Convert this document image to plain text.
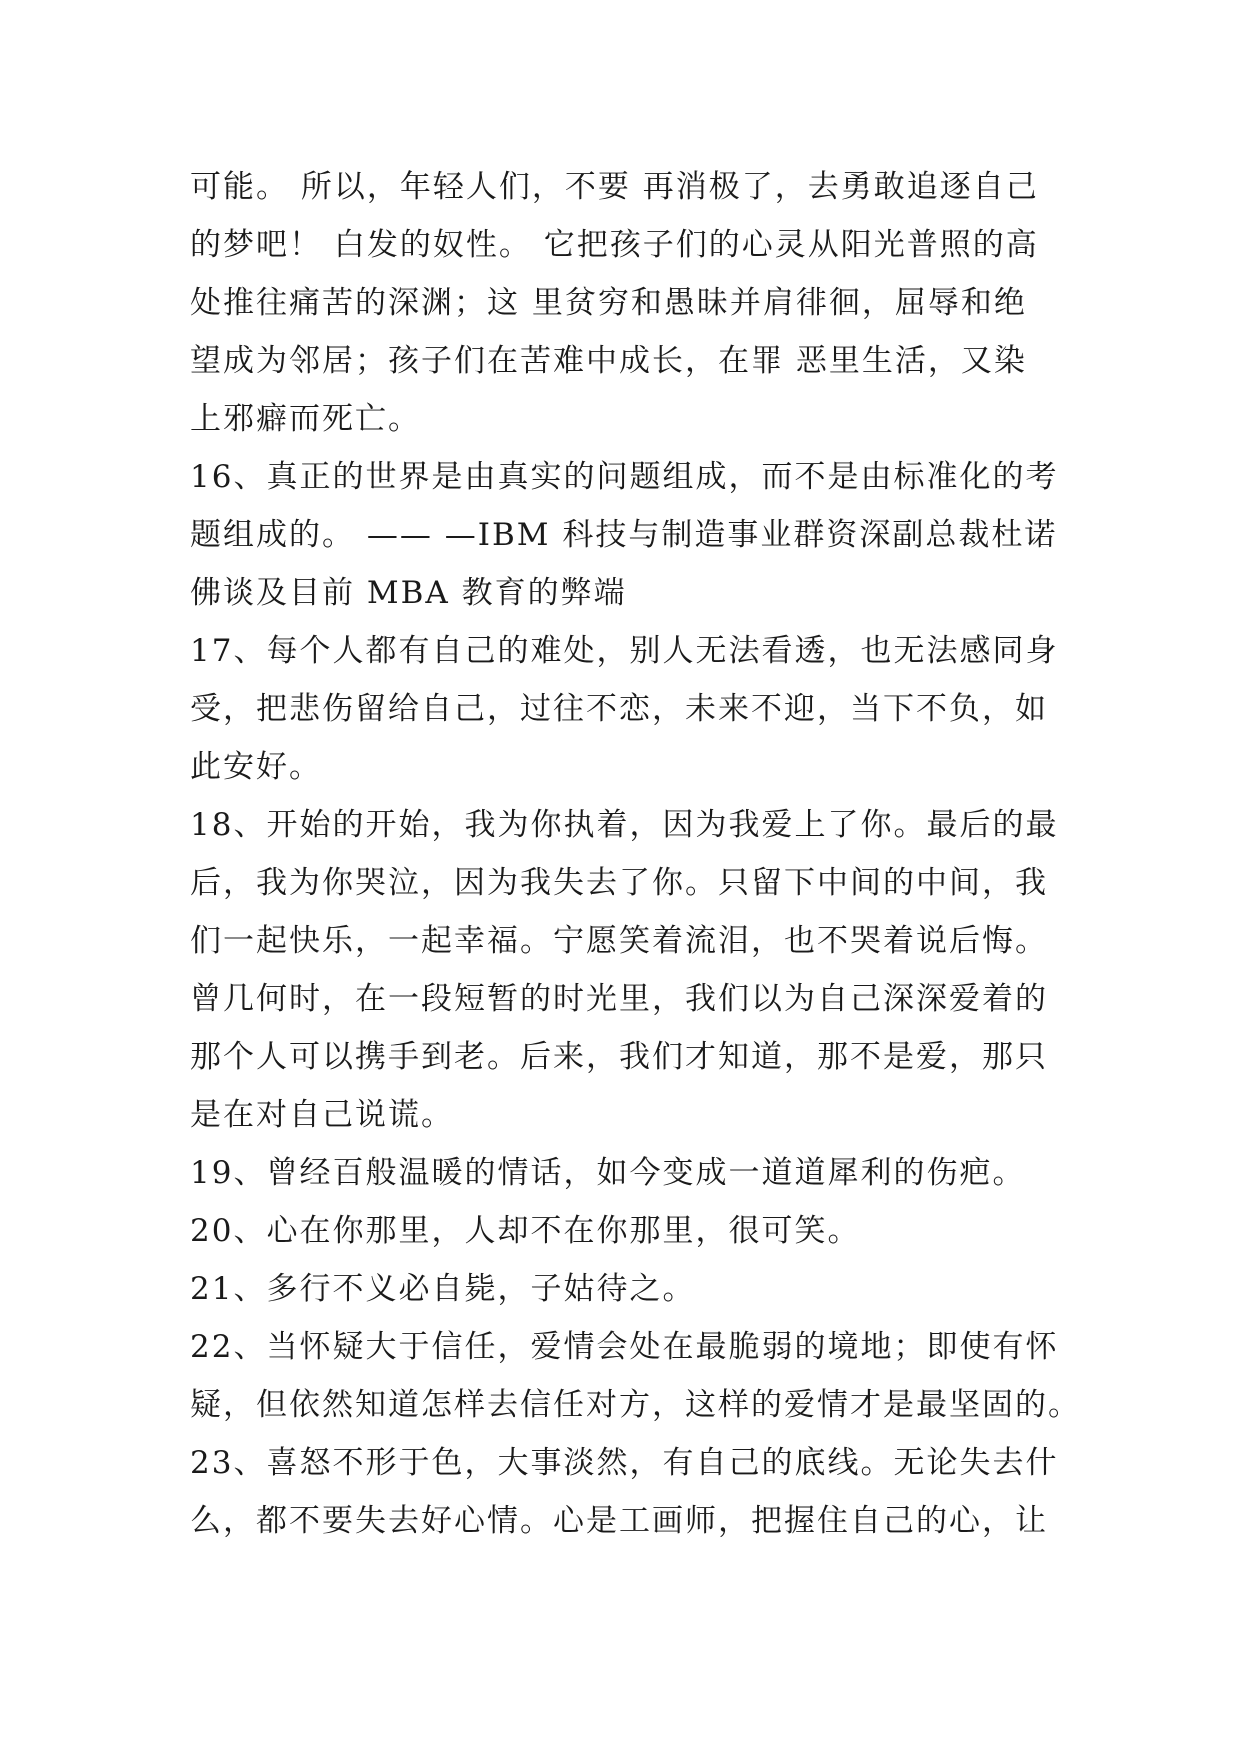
可能。 所以，年轻人们，不要 再消极了，去勇敢追逐自己
的梦吧！ 白发的奴性。 它把孩子们的心灵从阳光普照的高
处推往痛苦的深渊；这 里贫穷和愚昧并肩徘徊，屈辱和绝
望成为邻居；孩子们在苦难中成长，在罪 恶里生活，又染
上邪癖而死亡。
16、真正的世界是由真实的问题组成，而不是由标准化的考
题组成的。 —— —IBM 科技与制造事业群资深副总裁杜诺
佛谈及目前 MBA 教育的弊端
17、每个人都有自己的难处，别人无法看透，也无法感同身
受，把悲伤留给自己，过往不恋，未来不迎，当下不负，如
此安好。
18、开始的开始，我为你执着，因为我爱上了你。最后的最
后，我为你哭泣，因为我失去了你。只留下中间的中间，我
们一起快乐，一起幸福。宁愿笑着流泪，也不哭着说后悔。
曾几何时，在一段短暂的时光里，我们以为自己深深爱着的
那个人可以携手到老。后来，我们才知道，那不是爱，那只
是在对自己说谎。
19、曾经百般温暖的情话，如今变成一道道犀利的伤疤。
20、心在你那里，人却不在你那里，很可笑。
21、多行不义必自毙，子姑待之。
22、当怀疑大于信任，爱情会处在最脆弱的境地；即使有怀
疑，但依然知道怎样去信任对方，这样的爱情才是最坚固的。
23、喜怒不形于色，大事淡然，有自己的底线。无论失去什
么，都不要失去好心情。心是工画师，把握住自己的心，让
